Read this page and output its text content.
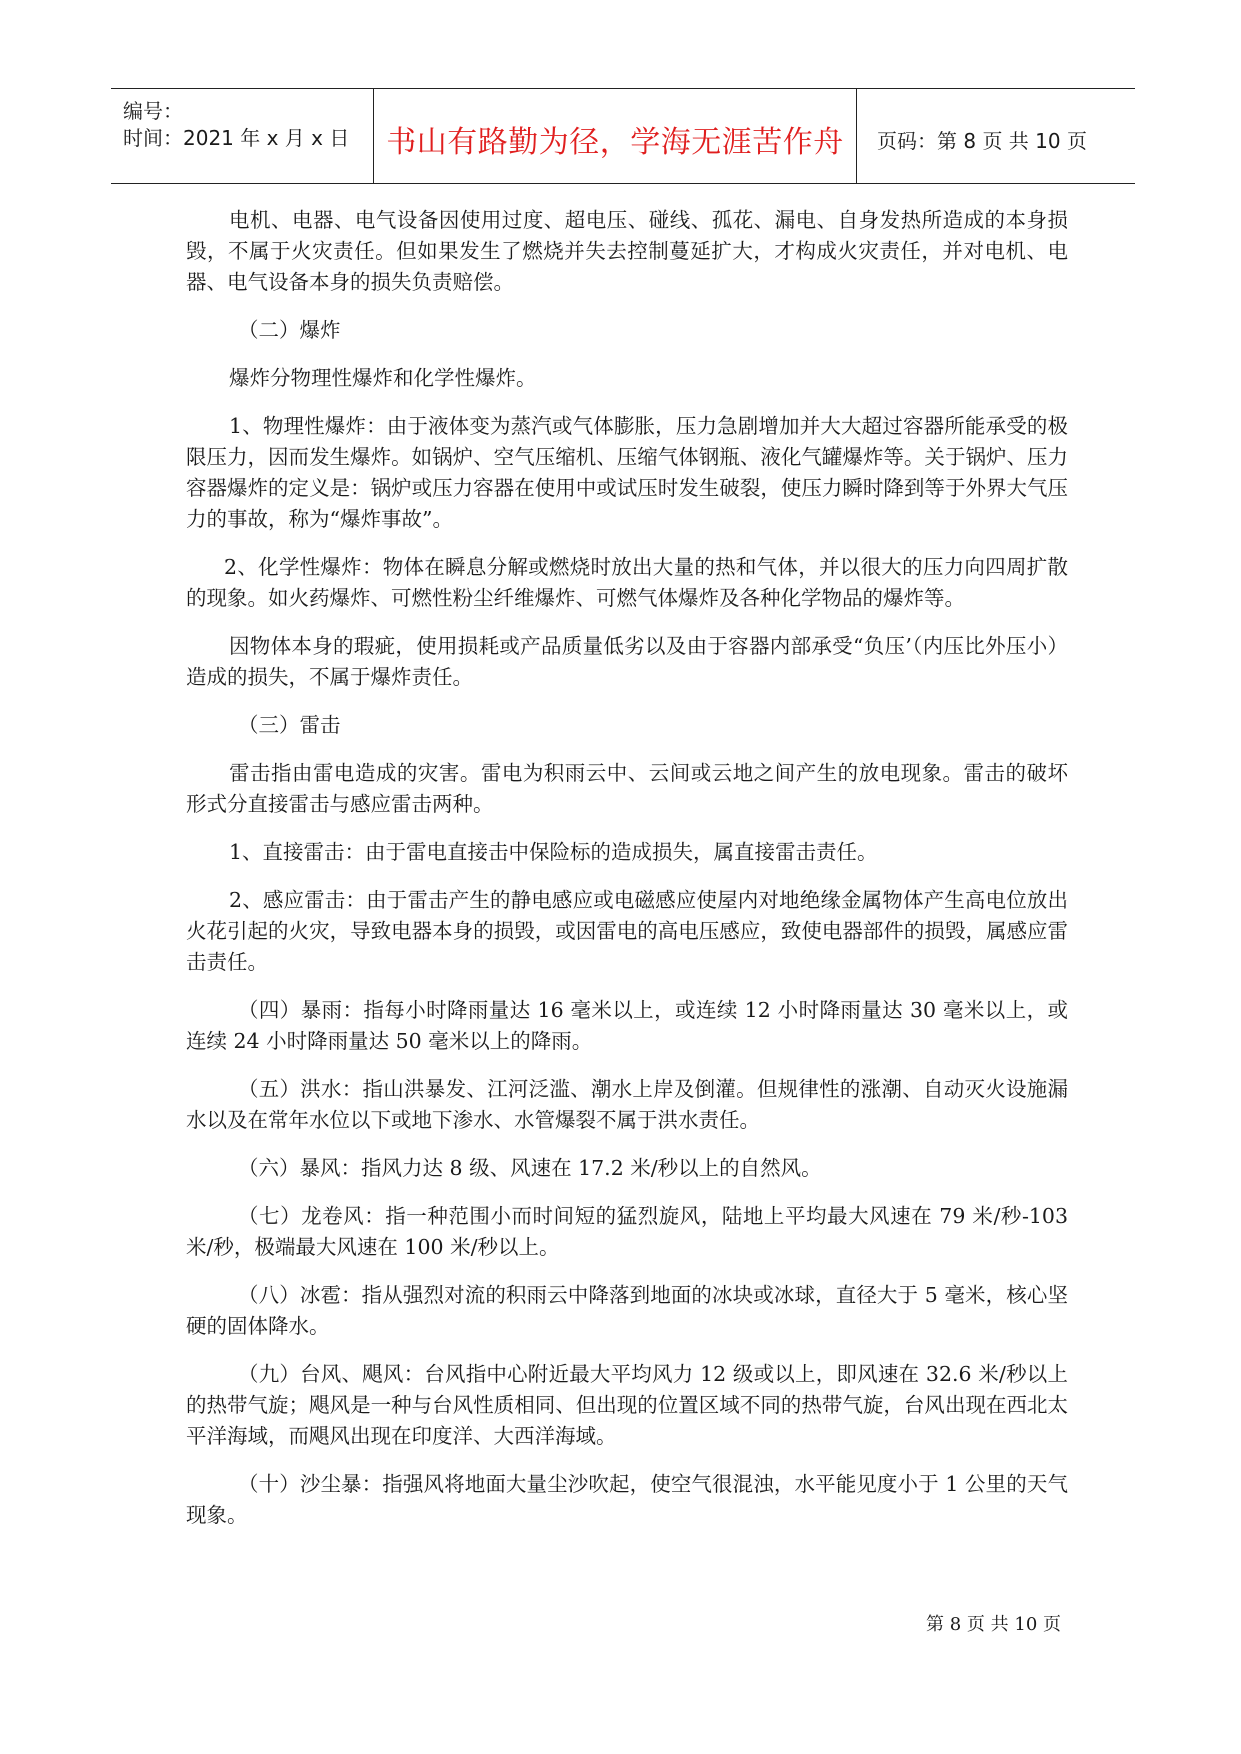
编号：
时间：2021 年 x 月 x 日	书山有路勤为径，学海无涯苦作舟	页码：第 8 页 共 10 页

电机、电器、电气设备因使用过度、超电压、碰线、孤花、漏电、自身发热所造成的本身损毁，不属于火灾责任。但如果发生了燃烧并失去控制蔓延扩大，才构成火灾责任，并对电机、电器、电气设备本身的损失负责赔偿。

（二）爆炸

爆炸分物理性爆炸和化学性爆炸。

1、物理性爆炸：由于液体变为蒸汽或气体膨胀，压力急剧增加并大大超过容器所能承受的极限压力，因而发生爆炸。如锅炉、空气压缩机、压缩气体钢瓶、液化气罐爆炸等。关于锅炉、压力容器爆炸的定义是：锅炉或压力容器在使用中或试压时发生破裂，使压力瞬时降到等于外界大气压力的事故，称为“爆炸事故”。

2、化学性爆炸：物体在瞬息分解或燃烧时放出大量的热和气体，并以很大的压力向四周扩散的现象。如火药爆炸、可燃性粉尘纤维爆炸、可燃气体爆炸及各种化学物品的爆炸等。

因物体本身的瑕疵，使用损耗或产品质量低劣以及由于容器内部承受“负压’（内压比外压小）造成的损失，不属于爆炸责任。

（三）雷击

雷击指由雷电造成的灾害。雷电为积雨云中、云间或云地之间产生的放电现象。雷击的破坏形式分直接雷击与感应雷击两种。

1、直接雷击：由于雷电直接击中保险标的造成损失，属直接雷击责任。

2、感应雷击：由于雷击产生的静电感应或电磁感应使屋内对地绝缘金属物体产生高电位放出火花引起的火灾，导致电器本身的损毁，或因雷电的高电压感应，致使电器部件的损毁，属感应雷击责任。

（四）暴雨：指每小时降雨量达 16 毫米以上，或连续 12 小时降雨量达 30 毫米以上，或连续 24 小时降雨量达 50 毫米以上的降雨。

（五）洪水：指山洪暴发、江河泛滥、潮水上岸及倒灌。但规律性的涨潮、自动灭火设施漏水以及在常年水位以下或地下渗水、水管爆裂不属于洪水责任。

（六）暴风：指风力达 8 级、风速在 17.2 米/秒以上的自然风。

（七）龙卷风：指一种范围小而时间短的猛烈旋风，陆地上平均最大风速在 79 米/秒-103 米/秒，极端最大风速在 100 米/秒以上。

（八）冰雹：指从强烈对流的积雨云中降落到地面的冰块或冰球，直径大于 5 毫米，核心坚硬的固体降水。

（九）台风、飓风：台风指中心附近最大平均风力 12 级或以上，即风速在 32.6 米/秒以上的热带气旋；飓风是一种与台风性质相同、但出现的位置区域不同的热带气旋，台风出现在西北太平洋海域，而飓风出现在印度洋、大西洋海域。

（十）沙尘暴：指强风将地面大量尘沙吹起，使空气很混浊，水平能见度小于 1 公里的天气现象。

第 8 页 共 10 页
